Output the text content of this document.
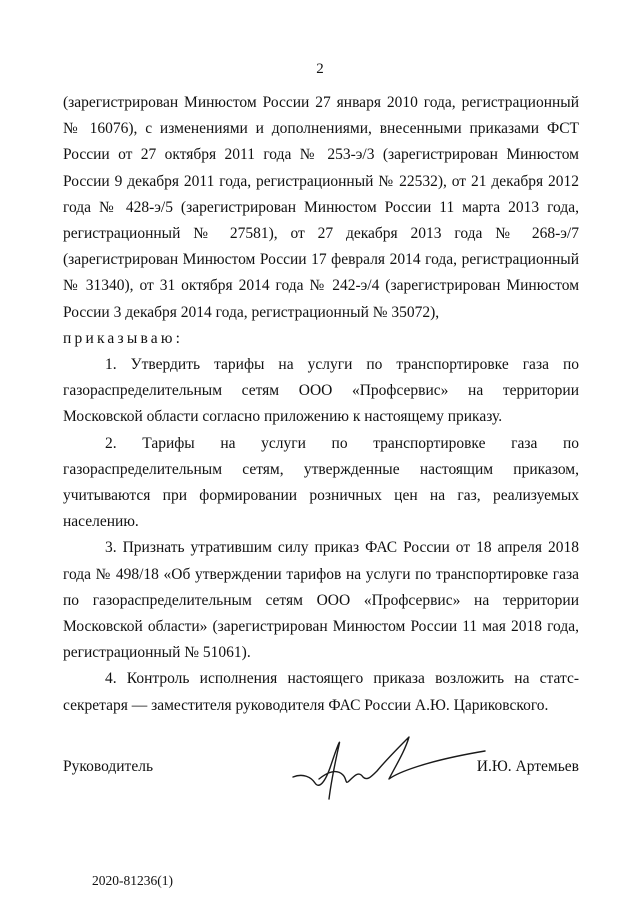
2

(зарегистрирован Минюстом России 27 января 2010 года, регистрационный № 16076), с изменениями и дополнениями, внесенными приказами ФСТ России от 27 октября 2011 года № 253-э/3 (зарегистрирован Минюстом России 9 декабря 2011 года, регистрационный № 22532), от 21 декабря 2012 года № 428-э/5 (зарегистрирован Минюстом России 11 марта 2013 года, регистрационный № 27581), от 27 декабря 2013 года № 268-э/7 (зарегистрирован Минюстом России 17 февраля 2014 года, регистрационный № 31340), от 31 октября 2014 года № 242-э/4 (зарегистрирован Минюстом России 3 декабря 2014 года, регистрационный № 35072),

приказываю:

1. Утвердить тарифы на услуги по транспортировке газа по газораспределительным сетям ООО «Профсервис» на территории Московской области согласно приложению к настоящему приказу.

2. Тарифы на услуги по транспортировке газа по газораспределительным сетям, утвержденные настоящим приказом, учитываются при формировании розничных цен на газ, реализуемых населению.

3. Признать утратившим силу приказ ФАС России от 18 апреля 2018 года № 498/18 «Об утверждении тарифов на услуги по транспортировке газа по газораспределительным сетям ООО «Профсервис» на территории Московской области» (зарегистрирован Минюстом России 11 мая 2018 года, регистрационный № 51061).

4. Контроль исполнения настоящего приказа возложить на статс-секретаря — заместителя руководителя ФАС России А.Ю. Цариковского.

Руководитель	И.Ю. Артемьев
2020-81236(1)
